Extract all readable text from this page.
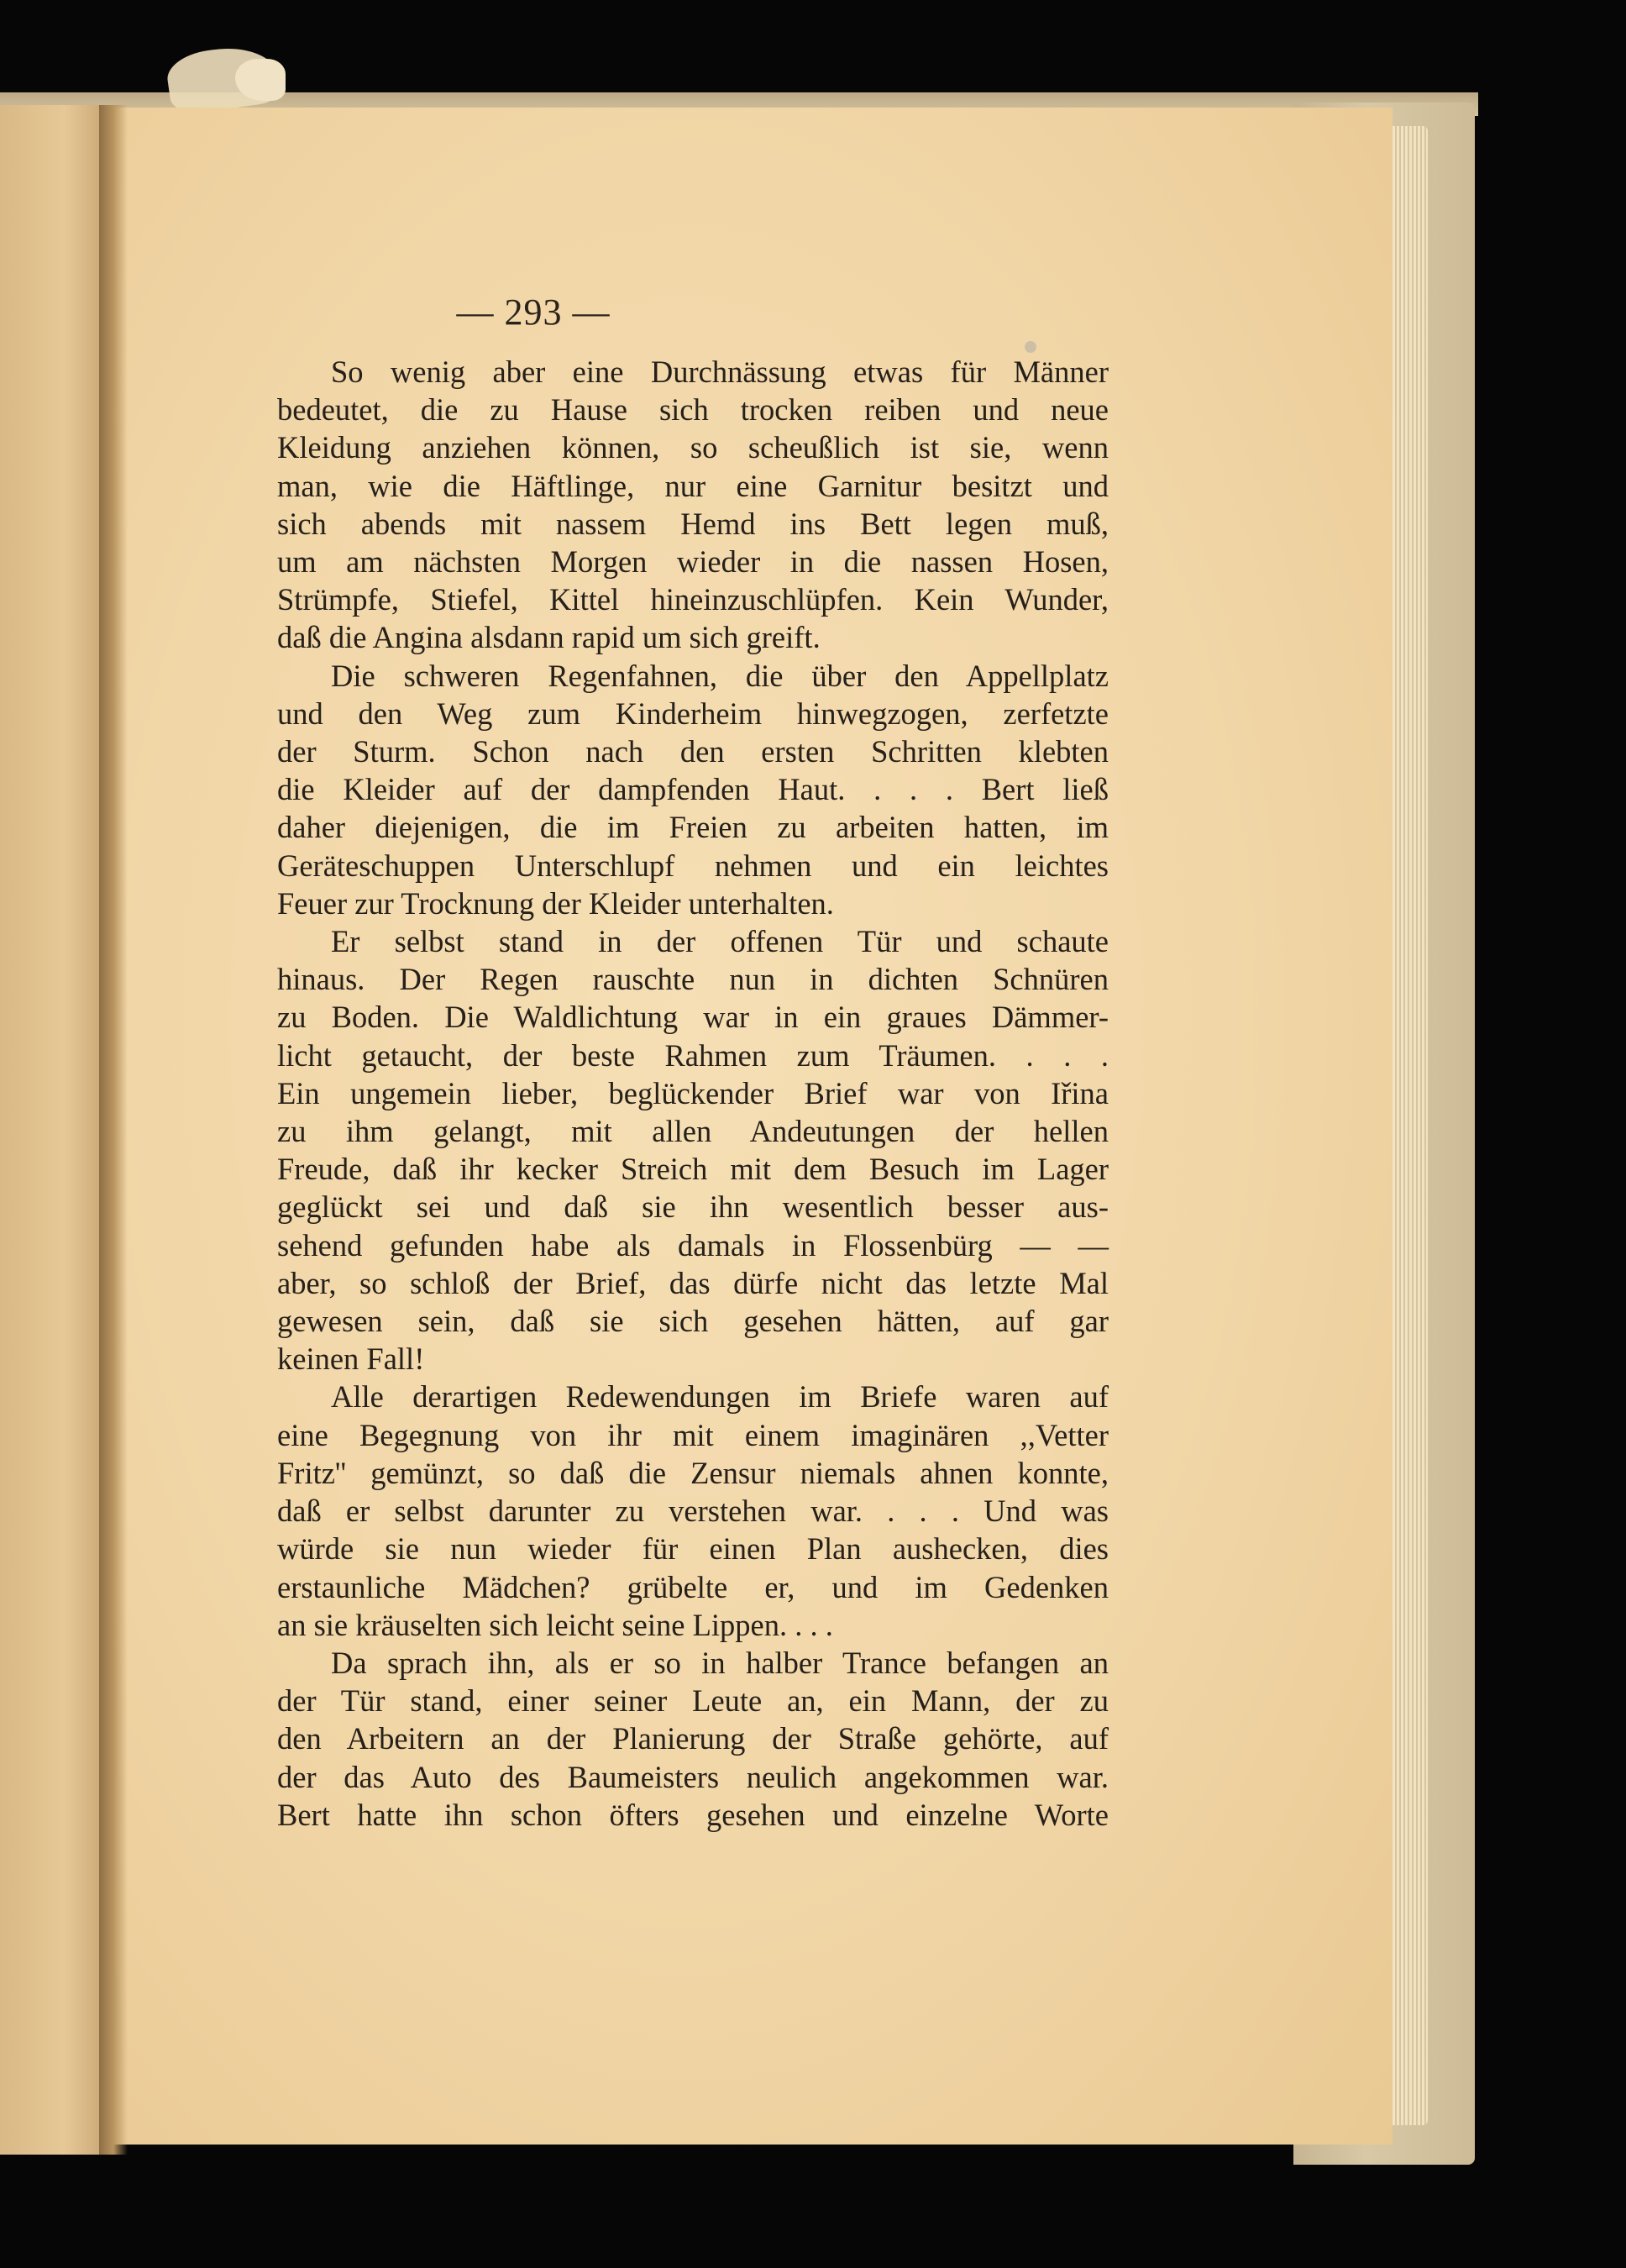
— 293 —
So wenig aber eine Durchnässung etwas für Männer
bedeutet, die zu Hause sich trocken reiben und neue
Kleidung anziehen können, so scheußlich ist sie, wenn
man, wie die Häftlinge, nur eine Garnitur besitzt und
sich abends mit nassem Hemd ins Bett legen muß,
um am nächsten Morgen wieder in die nassen Hosen,
Strümpfe, Stiefel, Kittel hineinzuschlüpfen. Kein Wunder,
daß die Angina alsdann rapid um sich greift.
Die schweren Regenfahnen, die über den Appellplatz
und den Weg zum Kinderheim hinwegzogen, zerfetzte
der Sturm. Schon nach den ersten Schritten klebten
die Kleider auf der dampfenden Haut. . . . Bert ließ
daher diejenigen, die im Freien zu arbeiten hatten, im
Geräteschuppen Unterschlupf nehmen und ein leichtes
Feuer zur Trocknung der Kleider unterhalten.
Er selbst stand in der offenen Tür und schaute
hinaus. Der Regen rauschte nun in dichten Schnüren
zu Boden. Die Waldlichtung war in ein graues Dämmer-
licht getaucht, der beste Rahmen zum Träumen. . . .
Ein ungemein lieber, beglückender Brief war von Iřina
zu ihm gelangt, mit allen Andeutungen der hellen
Freude, daß ihr kecker Streich mit dem Besuch im Lager
geglückt sei und daß sie ihn wesentlich besser aus-
sehend gefunden habe als damals in Flossenbürg — —
aber, so schloß der Brief, das dürfe nicht das letzte Mal
gewesen sein, daß sie sich gesehen hätten, auf gar
keinen Fall!
Alle derartigen Redewendungen im Briefe waren auf
eine Begegnung von ihr mit einem imaginären ,,Vetter
Fritz'' gemünzt, so daß die Zensur niemals ahnen konnte,
daß er selbst darunter zu verstehen war. . . . Und was
würde sie nun wieder für einen Plan aushecken, dies
erstaunliche Mädchen? grübelte er, und im Gedenken
an sie kräuselten sich leicht seine Lippen. . . .
Da sprach ihn, als er so in halber Trance befangen an
der Tür stand, einer seiner Leute an, ein Mann, der zu
den Arbeitern an der Planierung der Straße gehörte, auf
der das Auto des Baumeisters neulich angekommen war.
Bert hatte ihn schon öfters gesehen und einzelne Worte
